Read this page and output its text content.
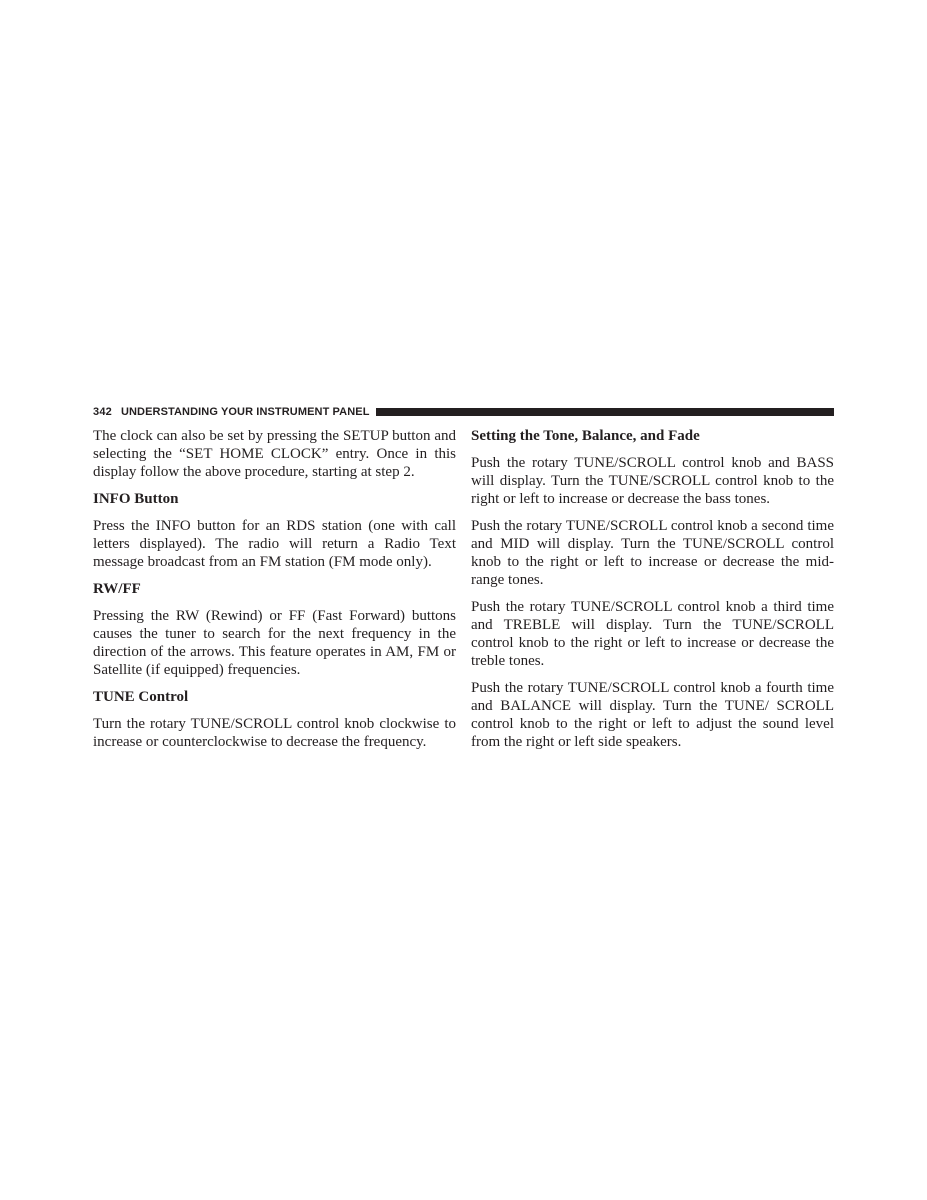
342 UNDERSTANDING YOUR INSTRUMENT PANEL

The clock can also be set by pressing the SETUP button and selecting the “SET HOME CLOCK” entry. Once in this display follow the above procedure, starting at step 2.

INFO Button

Press the INFO button for an RDS station (one with call letters displayed). The radio will return a Radio Text message broadcast from an FM station (FM mode only).

RW/FF

Pressing the RW (Rewind) or FF (Fast Forward) buttons causes the tuner to search for the next frequency in the direction of the arrows. This feature operates in AM, FM or Satellite (if equipped) frequencies.

TUNE Control

Turn the rotary TUNE/SCROLL control knob clockwise to increase or counterclockwise to decrease the frequency.

Setting the Tone, Balance, and Fade

Push the rotary TUNE/SCROLL control knob and BASS will display. Turn the TUNE/SCROLL control knob to the right or left to increase or decrease the bass tones.

Push the rotary TUNE/SCROLL control knob a second time and MID will display. Turn the TUNE/SCROLL control knob to the right or left to increase or decrease the mid-range tones.

Push the rotary TUNE/SCROLL control knob a third time and TREBLE will display. Turn the TUNE/SCROLL control knob to the right or left to increase or decrease the treble tones.

Push the rotary TUNE/SCROLL control knob a fourth time and BALANCE will display. Turn the TUNE/ SCROLL control knob to the right or left to adjust the sound level from the right or left side speakers.
